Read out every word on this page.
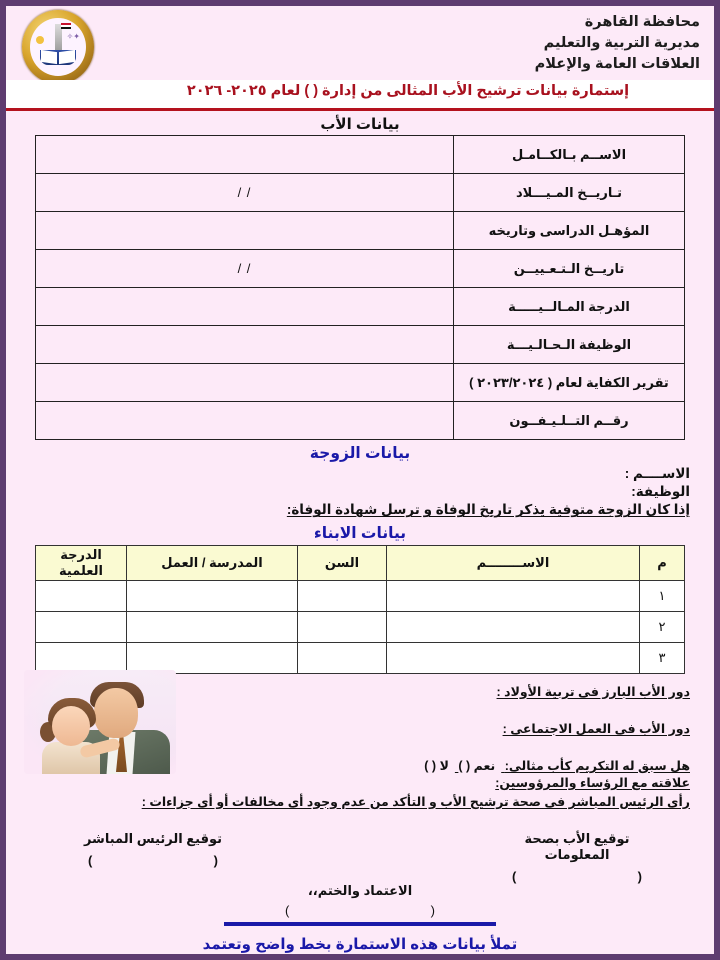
✦✧
محافظة القاهرة
مديرية التربية والتعليم
العلاقات العامة والإعلام
إستمارة بيانات ترشيح الأب المثالى من إدارة ( ) لعام ٢٠٢٥- ٢٠٢٦
بيانات الأب
الاســم بـالكــامـل	
تـاريــخ المـيـــلاد	/ /
المؤهـل الدراسى وتاريخه	
تاريــخ الـتـعـييــن	/ /
الدرجة المـالــيـــــة	
الوظيفة الـحـالـيـــة	
تقرير الكفاية لعام ( ٢٠٢٣/٢٠٢٤ )	
رقــم التــلـيـفــون	
بيانات الزوجة
الاســــم :
الوظيفة:
إذا كان الزوجة متوفية يذكر تاريخ الوفاة و ترسل شهادة الوفاة:
بيانات الابناء
م	الاســــــــم	السن	المدرسة / العمل	الدرجة العلمية
١				
٢				
٣				
دور الأب البارز فى تربية الأولاد :
دور الأب فى العمل الاجتماعى :
هل سبق له التكريم كأب مثالى: نعم ( ) لا ( )
علاقته مع الرؤساء والمرؤوسين:
رأى الرئيس المباشر فى صحة ترشيح الأب و التأكد من عدم وجود أى مخالفات أو أى جزاءات :
توقيع الأب بصحة المعلومات
(
)
توقيع الرئيس المباشر
(
)
الاعتماد والختم،،
(
)
تملأ بيانات هذه الاستمارة بخط واضح وتعتمد
